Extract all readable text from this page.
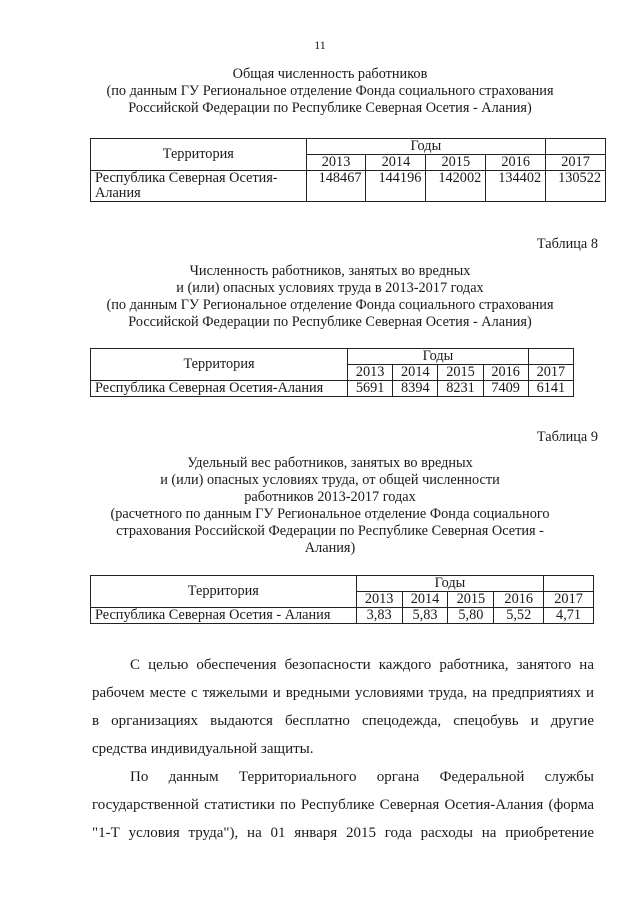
11
Общая численность работников
(по данным ГУ Региональное отделение Фонда социального страхования
Российской Федерации по Республике Северная Осетия - Алания)
Территория	Годы				
	2013	2014	2015	2016	2017

Республика Северная Осетия-
Алания	148467	144196	142002	134402	130522
Таблица 8
Численность работников, занятых во вредных
и (или) опасных условиях труда в 2013-2017 годах
(по данным ГУ Региональное отделение Фонда социального страхования
Российской Федерации по Республике Северная Осетия - Алания)
Территория	Годы				
	2013	2014	2015	2016	2017
Республика Северная Осетия-Алания	5691	8394	8231	7409	6141
Таблица 9
Удельный вес работников, занятых во вредных
и (или) опасных условиях труда, от общей численности
работников 2013-2017 годах
(расчетного по данным ГУ Региональное отделение Фонда социального
страхования Российской Федерации по Республике Северная Осетия -
Алания)
Территория	Годы				
	2013	2014	2015	2016	2017
Республика Северная Осетия - Алания	3,83	5,83	5,80	5,52	4,71
С целью обеспечения безопасности каждого работника, занятого на
рабочем месте с тяжелыми и вредными условиями труда, на предприятиях и
в организациях выдаются бесплатно спецодежда, спецобувь и другие
средства индивидуальной защиты.
По данным Территориального органа Федеральной службы
государственной статистики по Республике Северная Осетия-Алания (форма
"1-Т условия труда"), на 01 января 2015 года расходы на приобретение
